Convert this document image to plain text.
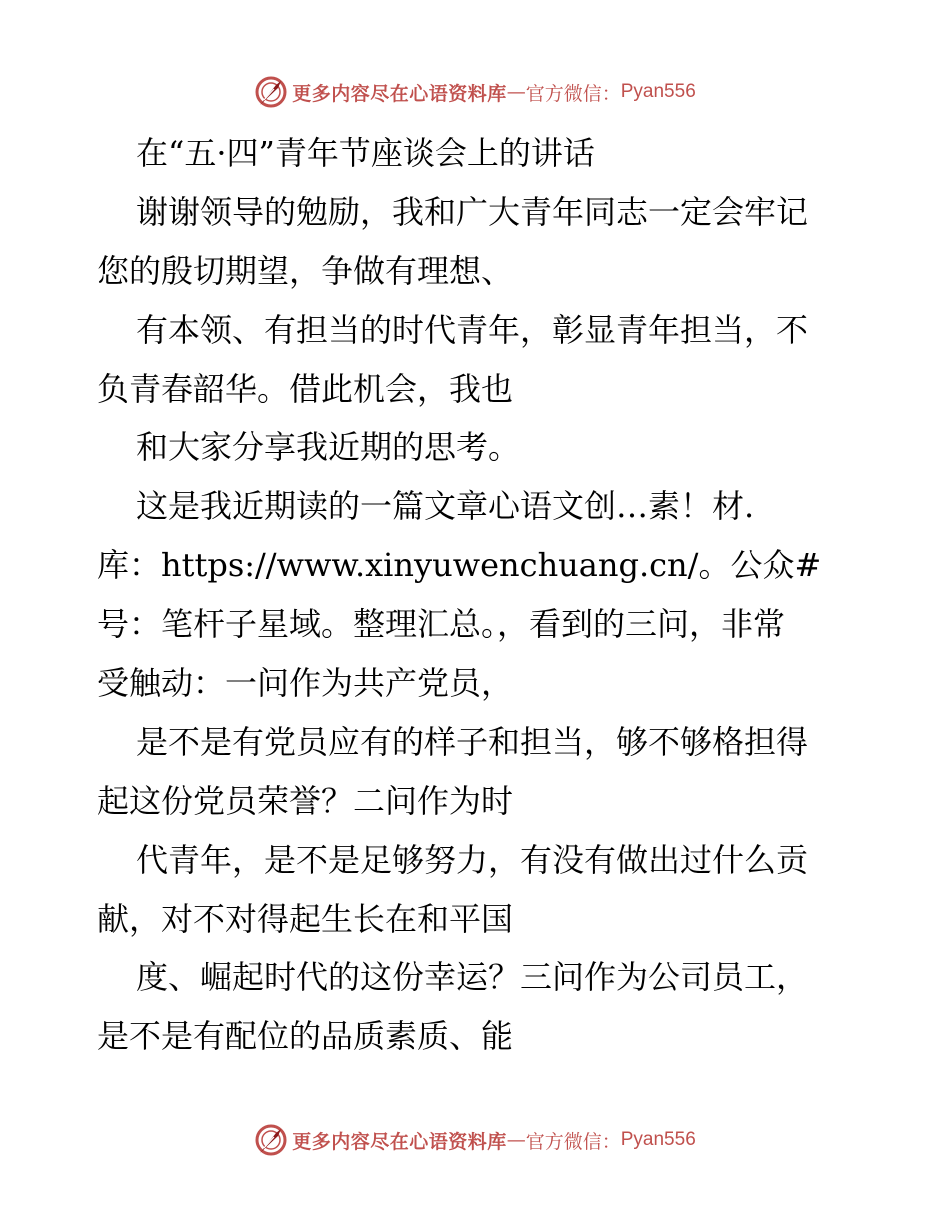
更多内容尽在心语资料库 — 官方微信： Pyan556
在“五·四”青年节座谈会上的讲话
谢谢领导的勉励，我和广大青年同志一定会牢记
您的殷切期望，争做有理想、
有本领、有担当的时代青年，彰显青年担当，不
负青春韶华。借此机会，我也
和大家分享我近期的思考。
这是我近期读的一篇文章心语文创…素！材.
库：https://www.xinyuwenchuang.cn/。公众#
号：笔杆子星域。整理汇总。，看到的三问，非常
受触动：一问作为共产党员，
是不是有党员应有的样子和担当，够不够格担得
起这份党员荣誉？二问作为时
代青年，是不是足够努力，有没有做出过什么贡
献，对不对得起生长在和平国
度、崛起时代的这份幸运？三问作为公司员工，
是不是有配位的品质素质、能
更多内容尽在心语资料库 — 官方微信： Pyan556
